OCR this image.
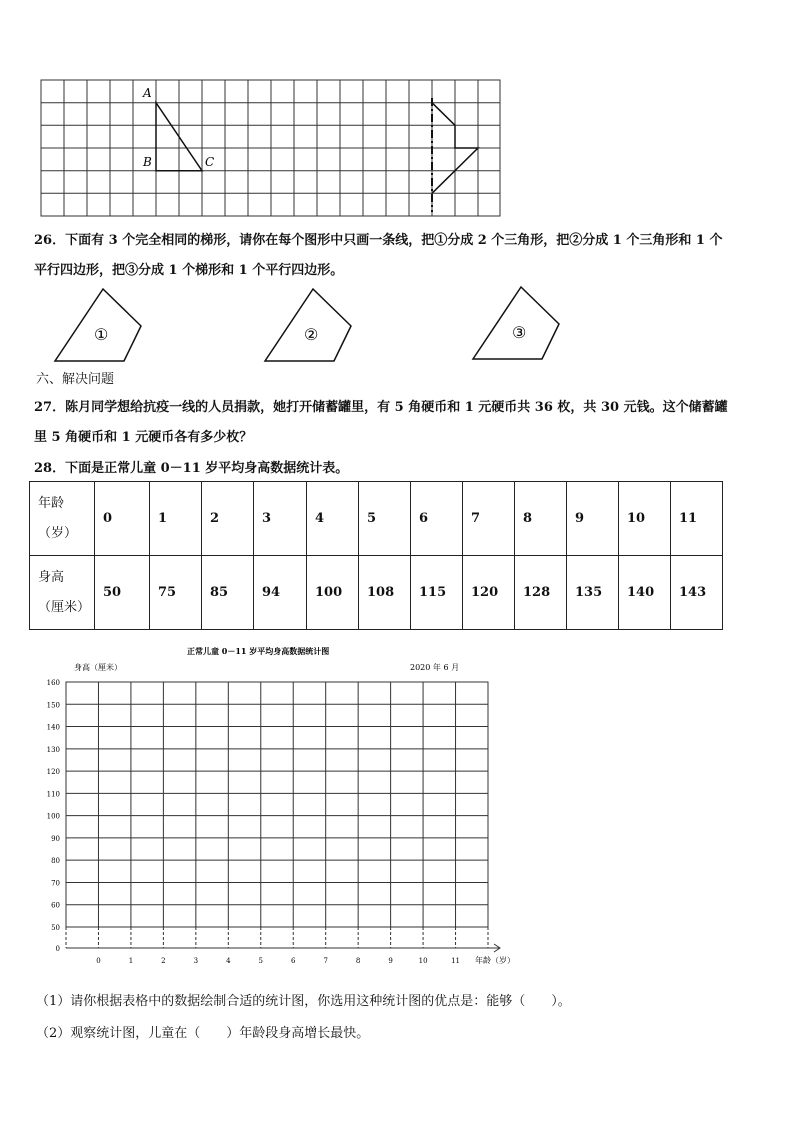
A
B	C
26．下面有 3 个完全相同的梯形，请你在每个图形中只画一条线，把①分成 2 个三角形，把②分成 1 个三角形和 1 个
平行四边形，把③分成 1 个梯形和 1 个平行四边形。
①	②	③
六、解决问题
27．陈月同学想给抗疫一线的人员捐款，她打开储蓄罐里，有 5 角硬币和 1 元硬币共 36 枚，共 30 元钱。这个储蓄罐
里 5 角硬币和 1 元硬币各有多少枚？
28．下面是正常儿童 0－11 岁平均身高数据统计表。
年龄
（岁）	0	1	2	3	4	5	6	7	8	9	10	11
身高
（厘米）	50	75	85	94	100	108	115	120	128	135	140	143
正常儿童 0－11 岁平均身高数据统计图
2020 年 6 月
身高（厘米）
年龄（岁）
160
150
140
130
120
110
100
90
80
70
60
50
0
0	1	2	3	4	5	6	7	8	9	10	11
（1）请你根据表格中的数据绘制合适的统计图，你选用这种统计图的优点是：能够（　　）。
（2）观察统计图，儿童在（　　）年龄段身高增长最快。
